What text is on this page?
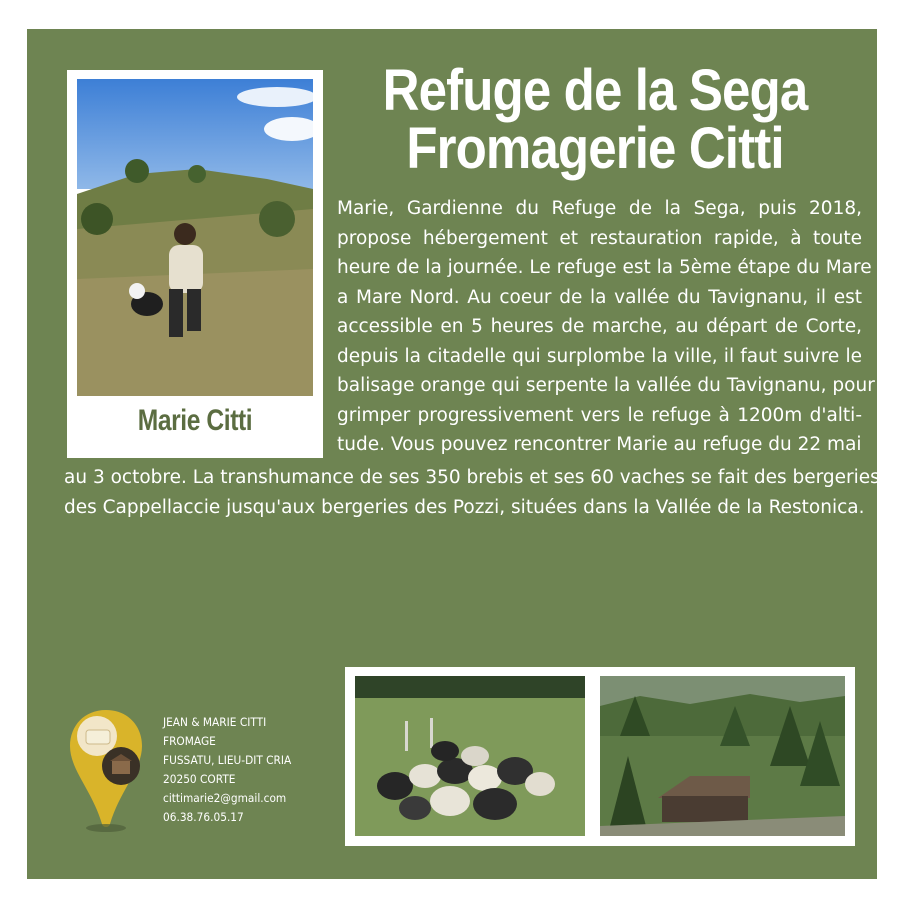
Marie Citti
Refuge de la Sega
Fromagerie Citti
Marie, Gardienne du Refuge de la Sega, puis 2018,
propose hébergement et restauration rapide, à toute
heure de la journée. Le refuge est la 5ème étape du Mare
a Mare Nord. Au coeur de la vallée du Tavignanu, il est
accessible en 5 heures de marche, au départ de Corte,
depuis la citadelle qui surplombe la ville, il faut suivre le
balisage orange qui serpente la vallée du Tavignanu, pour
grimper progressivement vers le refuge à 1200m d'alti-
tude. Vous pouvez rencontrer Marie au refuge du 22 mai
au 3 octobre. La transhumance de ses 350 brebis et ses 60 vaches se fait des bergeries
des Cappellaccie jusqu'aux bergeries des Pozzi, situées dans la Vallée de la Restonica.
JEAN & MARIE CITTI
FROMAGE
FUSSATU, LIEU-DIT CRIA
20250 CORTE
cittimarie2@gmail.com
06.38.76.05.17
